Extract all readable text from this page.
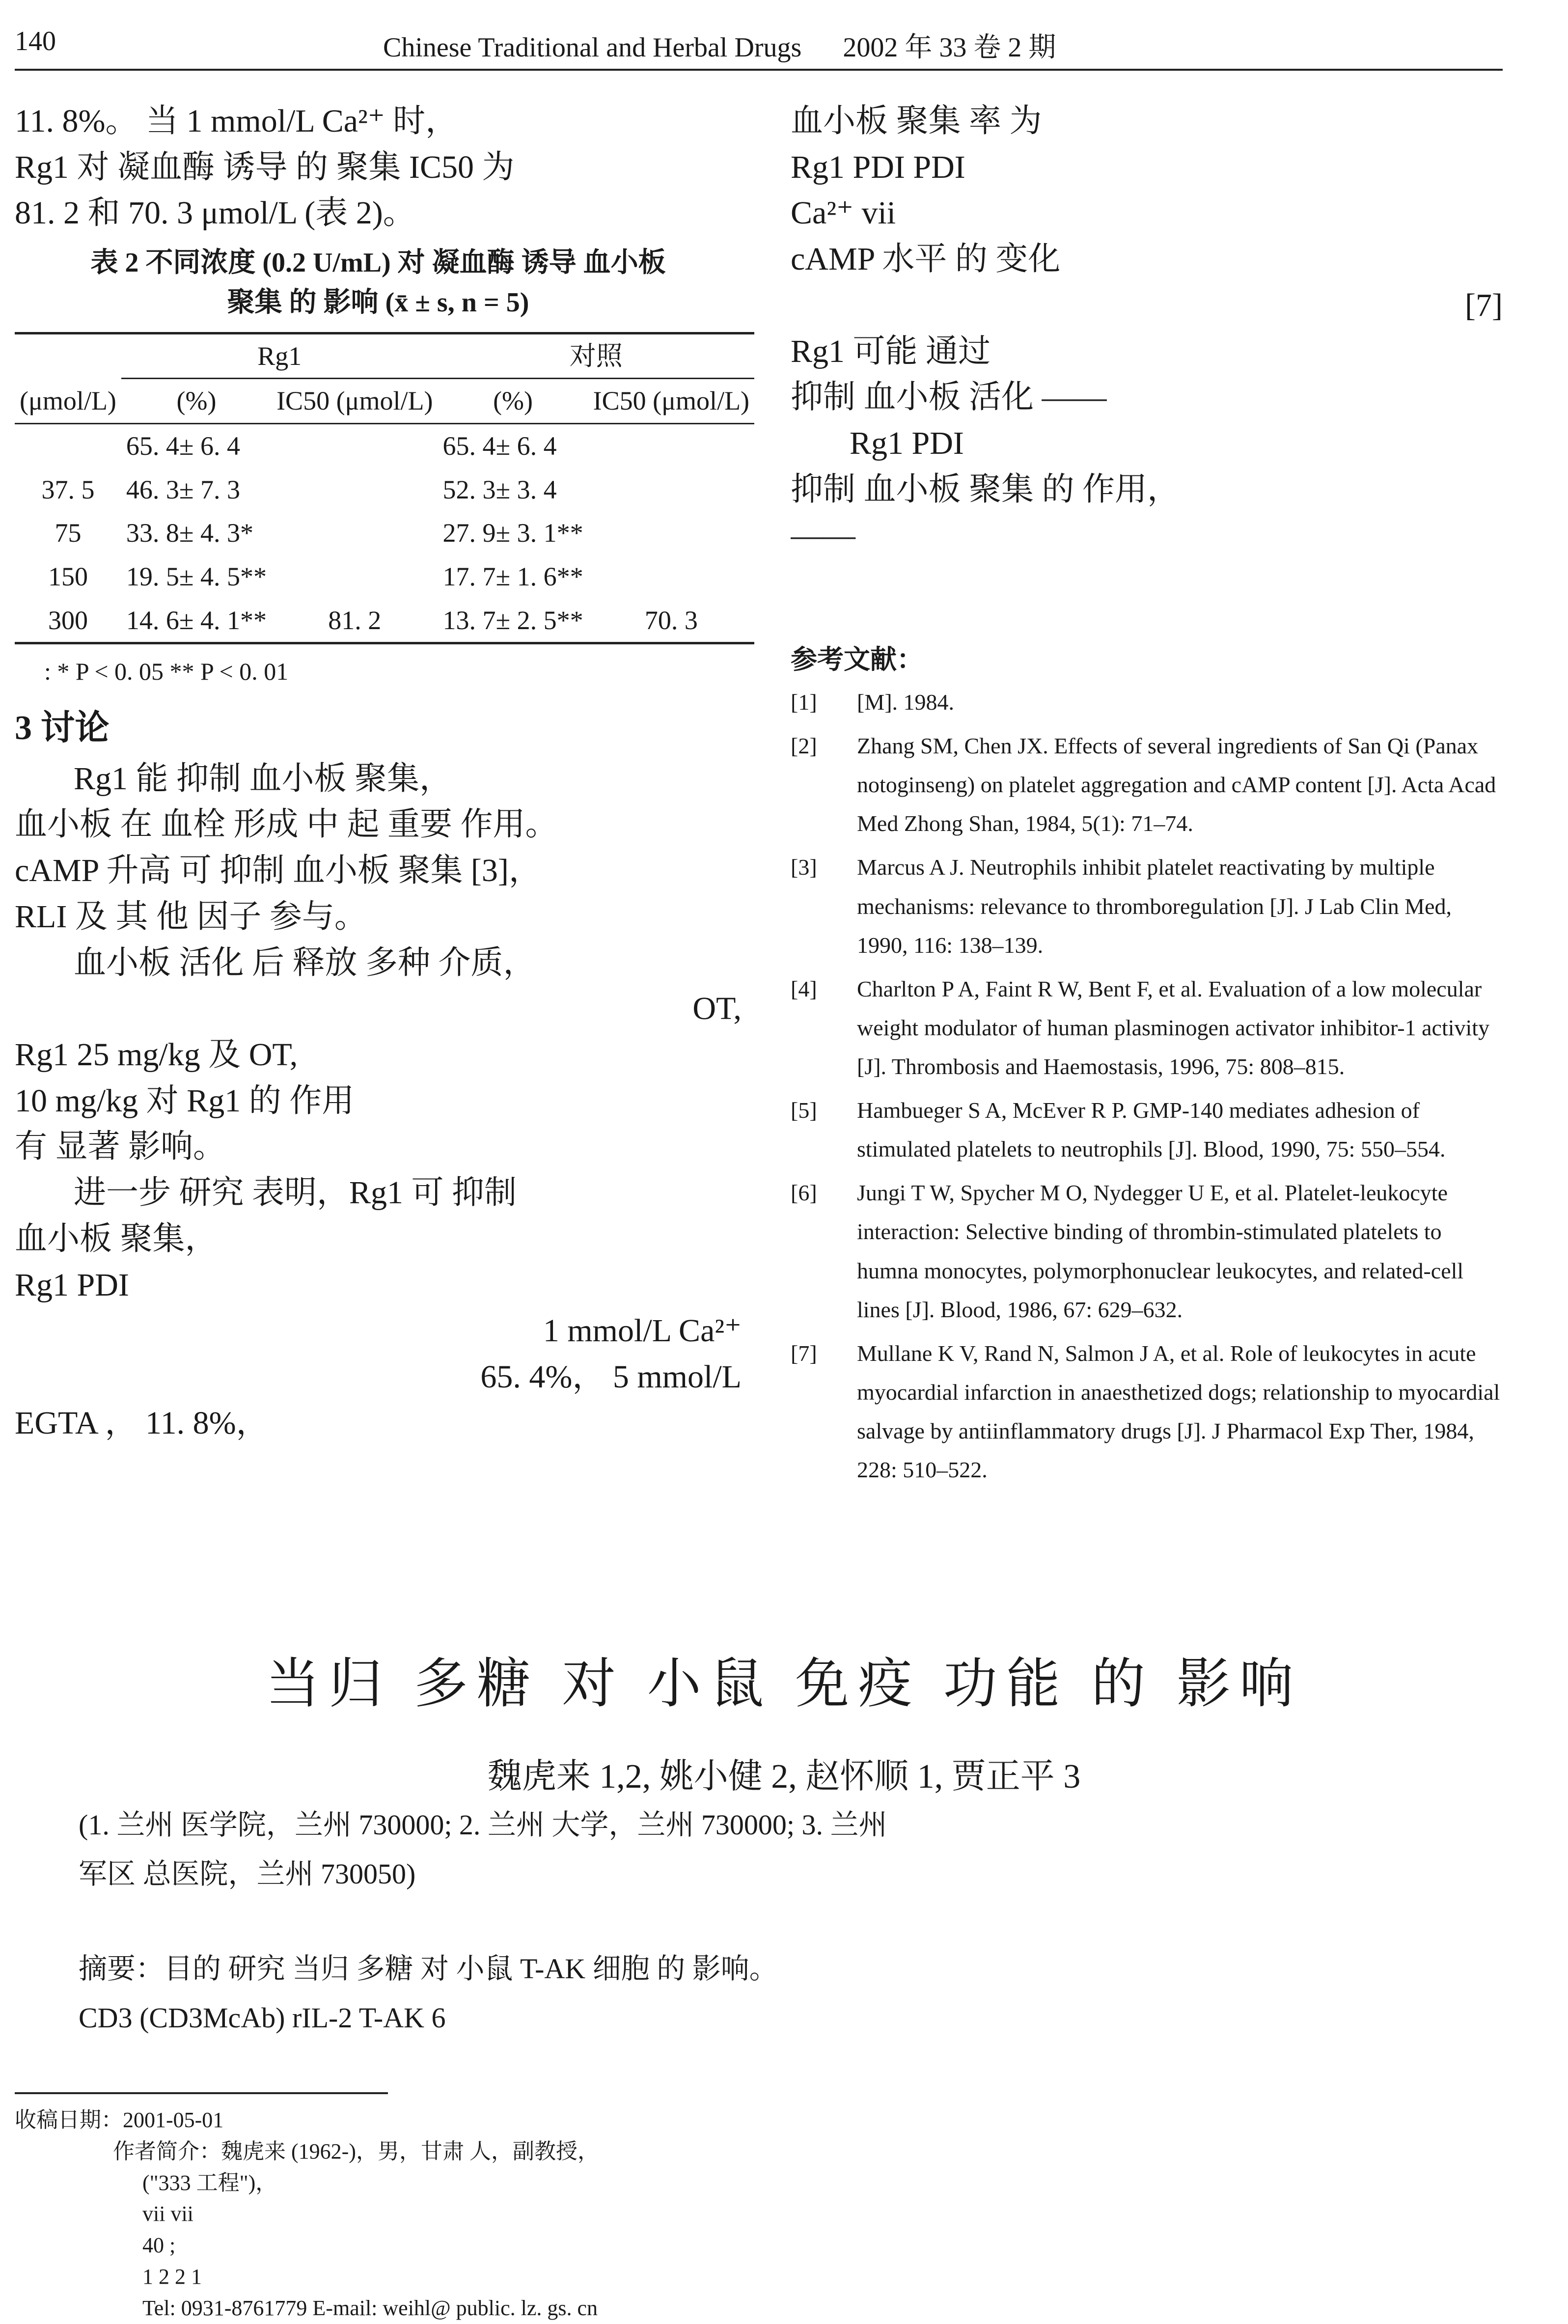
140	Chinese Traditional and Herbal Drugs 2002 年 33 卷 2 期

11. 8%。 当 1 mmol/L Ca²⁺ 时，

Rg1 对 凝血酶 诱导 的 聚集 IC50 为

81. 2 和 70. 3 μmol/L (表 2)。

表 2 不同浓度 (0.2 U/mL) 对 凝血酶 诱导 血小板
聚集 的 影响 (x̄ ± s, n = 5)
(μmol/L)	Rg1		对照	
	(%)	IC50 (μmol/L)	(%)	IC50 (μmol/L)
	65. 4± 6. 4		65. 4± 6. 4	
37. 5	46. 3± 7. 3		52. 3± 3. 4	
75	33. 8± 4. 3*		27. 9± 3. 1**	
150	19. 5± 4. 5**		17. 7± 1. 6**	
300	14. 6± 4. 1**	81. 2	13. 7± 2. 5**	70. 3
: * P < 0. 05 ** P < 0. 01
3 讨论

Rg1 能 抑制 血小板 聚集，

血小板 在 血栓 形成 中 起 重要 作用。

cAMP 升高 可 抑制 血小板 聚集 [3]，

RLI 及 其 他 因子 参与。

血小板 活化 后 释放 多种 介质，

OT,

Rg1 25 mg/kg 及 OT,

10 mg/kg 对 Rg1 的 作用

有 显著 影响。

进一步 研究 表明，Rg1 可 抑制

血小板 聚集，

Rg1 PDI

1 mmol/L Ca²⁺

65. 4%， 5 mmol/L

EGTA ， 11. 8%，

血小板 聚集 率 为

Rg1 PDI PDI

Ca²⁺ vii

cAMP 水平 的 变化

[7]

Rg1 可能 通过

抑制 血小板 活化 ——

Rg1 PDI

抑制 血小板 聚集 的 作用，

——

参考文献：
[1] [M]. 1984.
[2] Zhang SM, Chen JX. Effects of several ingredients of San Qi (Panax notoginseng) on platelet aggregation and cAMP content [J]. Acta Acad Med Zhong Shan, 1984, 5(1): 71–74.
[3] Marcus A J. Neutrophils inhibit platelet reactivating by multiple mechanisms: relevance to thromboregulation [J]. J Lab Clin Med, 1990, 116: 138–139.
[4] Charlton P A, Faint R W, Bent F, et al. Evaluation of a low molecular weight modulator of human plasminogen activator inhibitor-1 activity [J]. Thrombosis and Haemostasis, 1996, 75: 808–815.
[5] Hambueger S A, McEver R P. GMP-140 mediates adhesion of stimulated platelets to neutrophils [J]. Blood, 1990, 75: 550–554.
[6] Jungi T W, Spycher M O, Nydegger U E, et al. Platelet-leukocyte interaction: Selective binding of thrombin-stimulated platelets to humna monocytes, polymorphonuclear leukocytes, and related-cell lines [J]. Blood, 1986, 67: 629–632.
[7] Mullane K V, Rand N, Salmon J A, et al. Role of leukocytes in acute myocardial infarction in anaesthetized dogs; relationship to myocardial salvage by antiinflammatory drugs [J]. J Pharmacol Exp Ther, 1984, 228: 510–522.
当归 多糖 对 小鼠 免疫 功能 的 影响
魏虎来 1,2, 姚小健 2, 赵怀顺 1, 贾正平 3
(1. 兰州 医学院，兰州 730000; 2. 兰州 大学，兰州 730000; 3. 兰州
军区 总医院，兰州 730050)
摘要：目的 研究 当归 多糖 对 小鼠 T-AK 细胞 的 影响。
CD3 (CD3McAb) rIL-2 T-AK 6
收稿日期：2001-05-01
作者简介：魏虎来 (1962-)，男，甘肃 人，副教授，
("333 工程")，
vii vii
40 ;
1 2 2 1
Tel: 0931-8761779 E-mail: weihl@ public. lz. gs. cn
